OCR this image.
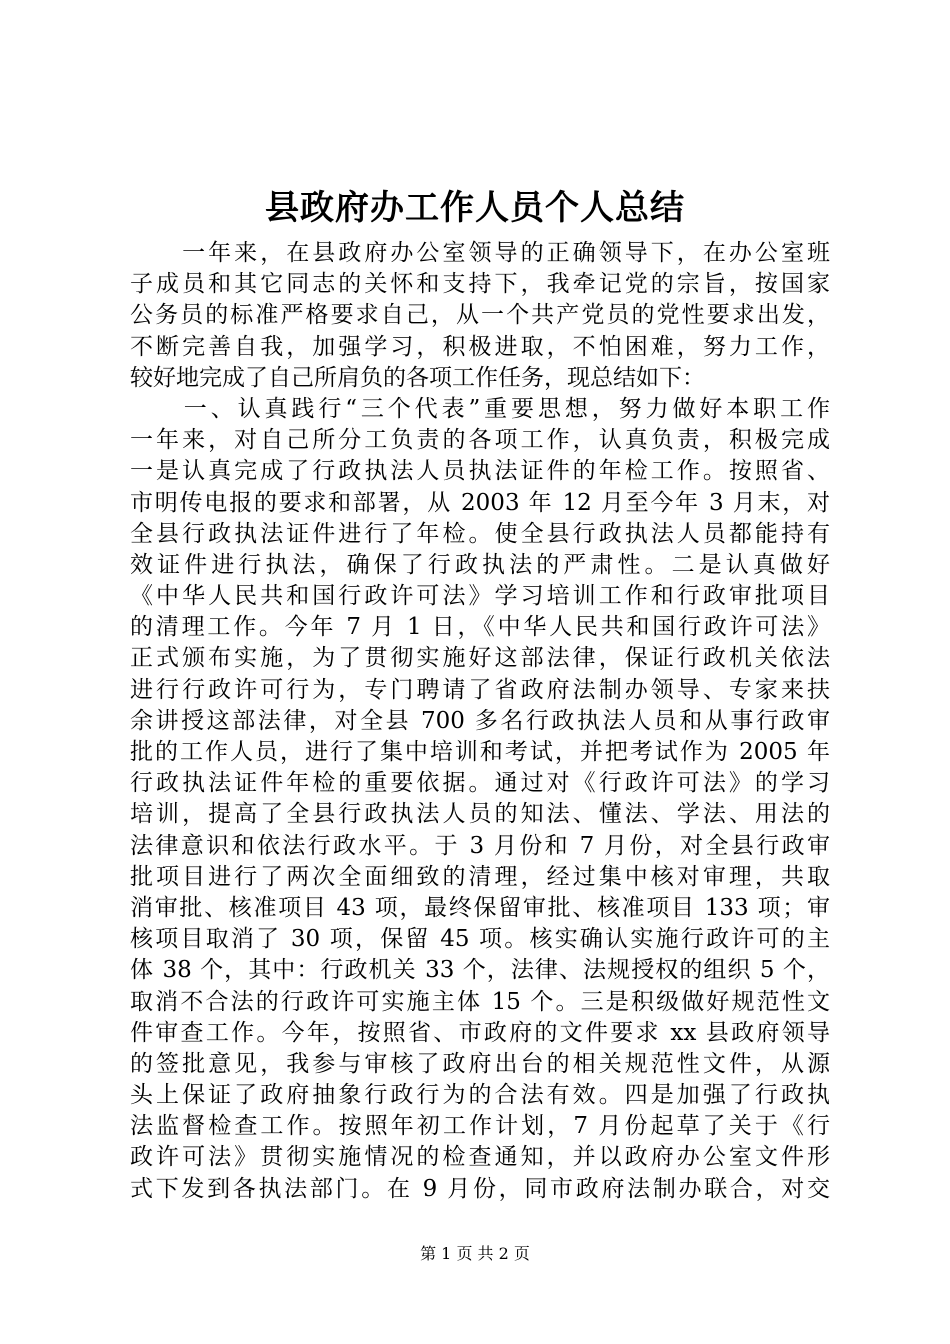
县政府办工作人员个人总结
　　一年来，在县政府办公室领导的正确领导下，在办公室班
子成员和其它同志的关怀和支持下，我牵记党的宗旨，按国家
公务员的标准严格要求自己，从一个共产党员的党性要求出发，
不断完善自我，加强学习，积极进取，不怕困难，努力工作，
较好地完成了自己所肩负的各项工作任务，现总结如下：
　　一、认真践行“三个代表”重要思想，努力做好本职工作
一年来，对自己所分工负责的各项工作，认真负责，积极完成
一是认真完成了行政执法人员执法证件的年检工作。按照省、
市明传电报的要求和部署，从 2003 年 12 月至今年 3 月末，对
全县行政执法证件进行了年检。使全县行政执法人员都能持有
效证件进行执法，确保了行政执法的严肃性。二是认真做好
《中华人民共和国行政许可法》学习培训工作和行政审批项目
的清理工作。今年 7 月 1 日，《中华人民共和国行政许可法》
正式颁布实施，为了贯彻实施好这部法律，保证行政机关依法
进行行政许可行为，专门聘请了省政府法制办领导、专家来扶
余讲授这部法律，对全县 700 多名行政执法人员和从事行政审
批的工作人员，进行了集中培训和考试，并把考试作为 2005 年
行政执法证件年检的重要依据。通过对《行政许可法》的学习
培训，提高了全县行政执法人员的知法、懂法、学法、用法的
法律意识和依法行政水平。于 3 月份和 7 月份，对全县行政审
批项目进行了两次全面细致的清理，经过集中核对审理，共取
消审批、核准项目 43 项，最终保留审批、核准项目 133 项；审
核项目取消了 30 项，保留 45 项。核实确认实施行政许可的主
体 38 个，其中：行政机关 33 个，法律、法规授权的组织 5 个，
取消不合法的行政许可实施主体 15 个。三是积级做好规范性文
件审查工作。今年，按照省、市政府的文件要求 xx 县政府领导
的签批意见，我参与审核了政府出台的相关规范性文件，从源
头上保证了政府抽象行政行为的合法有效。四是加强了行政执
法监督检查工作。按照年初工作计划，7 月份起草了关于《行
政许可法》贯彻实施情况的检查通知，并以政府办公室文件形
式下发到各执法部门。在 9 月份，同市政府法制办联合，对交
第 1 页 共 2 页
